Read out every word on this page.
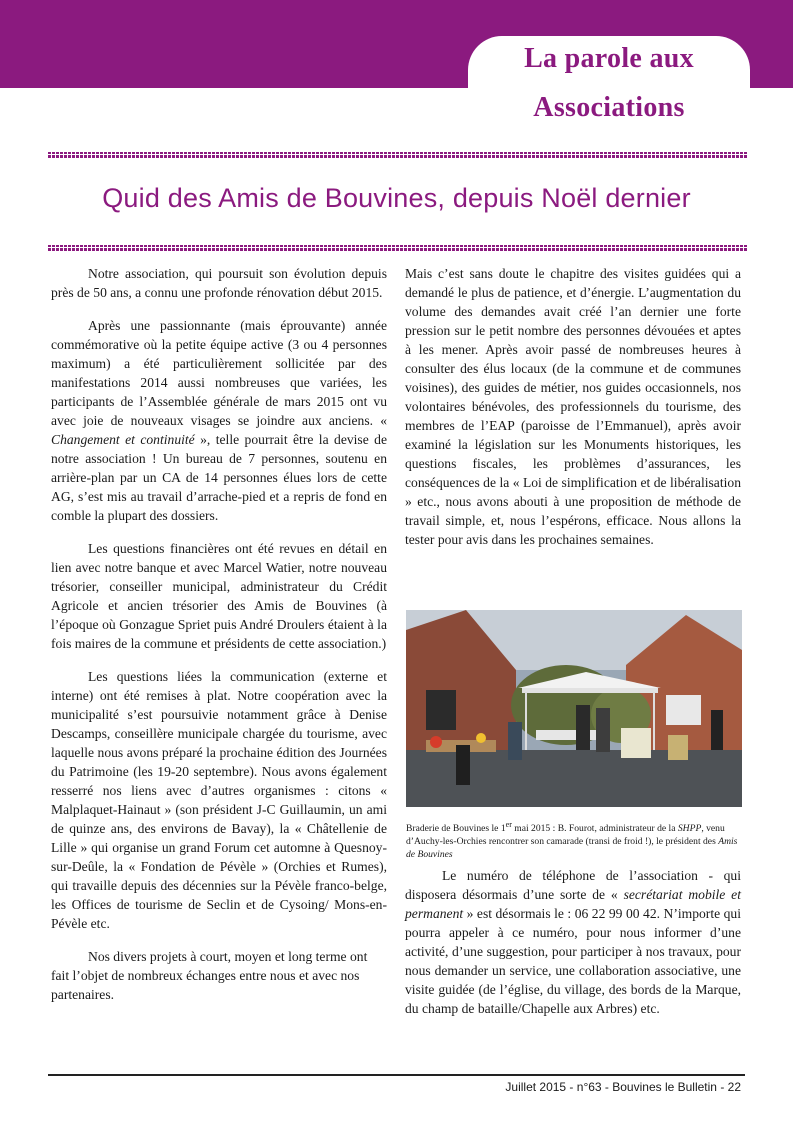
La parole aux
Associations
Quid des Amis de Bouvines, depuis Noël dernier

Notre association, qui poursuit son évolution depuis près de 50 ans, a connu une profonde rénovation début 2015.

Après une passionnante (mais éprouvante) année commémorative où la petite équipe active (3 ou 4 personnes maximum) a été particulièrement sollicitée par des manifestations 2014 aussi nombreuses que variées, les participants de l’Assemblée générale de mars 2015 ont vu avec joie de nouveaux visages se joindre aux anciens. « Changement et continuité », telle pourrait être la devise de notre association ! Un bureau de 7 personnes, soutenu en arrière-plan par un CA de 14 personnes élues lors de cette AG, s’est mis au travail d’arrache-pied et a repris de fond en comble la plupart des dossiers.

Les questions financières ont été revues en détail en lien avec notre banque et avec Marcel Watier, notre nouveau trésorier, conseiller municipal, administrateur du Crédit Agricole et ancien trésorier des Amis de Bouvines (à l’époque où Gonzague Spriet puis André Droulers étaient à la fois maires de la commune et présidents de cette association.)

Les questions liées la communication (externe et interne) ont été remises à plat. Notre coopération avec la municipalité s’est poursuivie notamment grâce à Denise Descamps, conseillère municipale chargée du tourisme, avec laquelle nous avons préparé la prochaine édition des Journées du Patrimoine (les 19-20 septembre). Nous avons également resserré nos liens avec d’autres organismes : citons « Malplaquet-Hainaut » (son président J-C Guillaumin, un ami de quinze ans, des environs de Bavay), la « Châtellenie de Lille » qui organise un grand Forum cet automne à Quesnoy-sur-Deûle, la « Fondation de Pévèle » (Orchies et Rumes), qui travaille depuis des décennies sur la Pévèle franco-belge, les Offices de tourisme de Seclin et de Cysoing/ Mons-en-Pévèle etc.

Nos divers projets à court, moyen et long terme ont fait l’objet de nombreux échanges entre nous et avec nos partenaires.

Mais c’est sans doute le chapitre des visites guidées qui a demandé le plus de patience, et d’énergie. L’augmentation du volume des demandes avait créé l’an dernier une forte pression sur le petit nombre des personnes dévouées et aptes à les mener. Après avoir passé de nombreuses heures à consulter des élus locaux (de la commune et de communes voisines), des guides de métier, nos guides occasionnels, nos volontaires bénévoles, des professionnels du tourisme, des membres de l’EAP (paroisse de l’Emmanuel), après avoir examiné la législation sur les Monuments historiques, les questions fiscales, les problèmes d’assurances, les conséquences de la « Loi de simplification et de libéralisation » etc., nous avons abouti à une proposition de méthode de travail simple, et, nous l’espérons, efficace. Nous allons la tester pour avis dans les prochaines semaines.

Braderie de Bouvines le 1er mai 2015 : B. Fourot, administrateur de la SHPP, venu d’Auchy-les-Orchies rencontrer son camarade (transi de froid !), le président des Amis de Bouvines

Le numéro de téléphone de l’association - qui disposera désormais d’une sorte de « secrétariat mobile et permanent » est désormais le : 06 22 99 00 42. N’importe qui pourra appeler à ce numéro, pour nous informer d’une activité, d’une suggestion, pour participer à nos travaux, pour nous demander un service, une collaboration associative, une visite guidée (de l’église, du village, des bords de la Marque, du champ de bataille/Chapelle aux Arbres) etc.

Juillet 2015 - n°63 - Bouvines le Bulletin - 22
